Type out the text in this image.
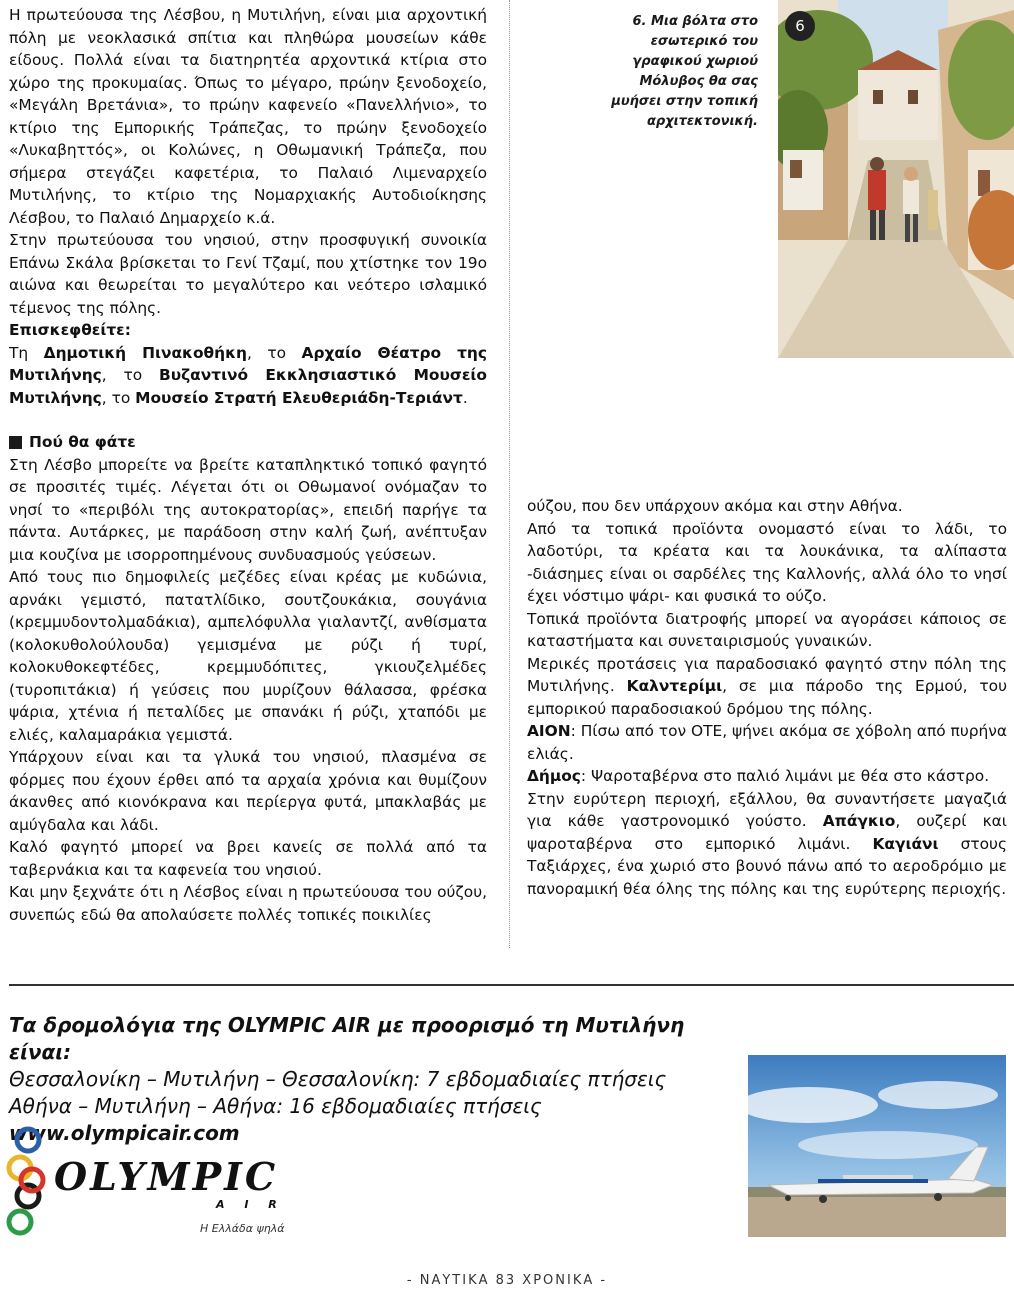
Η πρωτεύουσα της Λέσβου, η Μυτιλήνη, είναι μια αρχοντική πόλη με νεοκλασικά σπίτια και πληθώρα μουσείων κάθε είδους. Πολλά είναι τα διατηρητέα αρχοντικά κτίρια στο χώρο της προκυμαίας. Όπως το μέγαρο, πρώην ξενοδοχείο, «Μεγάλη Βρετάνια», το πρώην καφενείο «Πανελλήνιο», το κτίριο της Εμπορικής Τράπεζας, το πρώην ξενοδοχείο «Λυκαβηττός», οι Κολώνες, η Οθωμανική Τράπεζα, που σήμερα στεγάζει καφετέρια, το Παλαιό Λιμεναρχείο Μυτιλήνης, το κτίριο της Νομαρχιακής Αυτοδιοίκησης Λέσβου, το Παλαιό Δημαρχείο κ.ά.

Στην πρωτεύουσα του νησιού, στην προσφυγική συνοικία Επάνω Σκάλα βρίσκεται το Γενί Τζαμί, που χτίστηκε τον 19ο αιώνα και θεωρείται το μεγαλύτερο και νεότερο ισλαμικό τέμενος της πόλης.

Επισκεφθείτε:

Τη Δημοτική Πινακοθήκη, το Αρχαίο Θέατρο της Μυτιλήνης, το Βυζαντινό Εκκλησιαστικό Μουσείο Μυτιλήνης, το Μουσείο Στρατή Ελευθεριάδη-Τεριάντ.

Πού θα φάτε

Στη Λέσβο μπορείτε να βρείτε καταπληκτικό τοπικό φαγητό σε προσιτές τιμές. Λέγεται ότι οι Οθωμανοί ονόμαζαν το νησί το «περιβόλι της αυτοκρατορίας», επειδή παρήγε τα πάντα. Αυτάρκες, με παράδοση στην καλή ζωή, ανέπτυξαν μια κουζίνα με ισορροπημένους συνδυασμούς γεύσεων.

Από τους πιο δημοφιλείς μεζέδες είναι κρέας με κυδώνια, αρνάκι γεμιστό, πατατλίδικο, σουτζουκάκια, σουγάνια (κρεμμυδοντολμαδάκια), αμπελόφυλλα γιαλαντζί, ανθίσματα (κολοκυθολούλουδα) γεμισμένα με ρύζι ή τυρί, κολοκυθοκεφτέδες, κρεμμυδόπιτες, γκιουζελμέδες (τυροπιτάκια) ή γεύσεις που μυρίζουν θάλασσα, φρέσκα ψάρια, χτένια ή πεταλίδες με σπανάκι ή ρύζι, χταπόδι με ελιές, καλαμαράκια γεμιστά.

Υπάρχουν είναι και τα γλυκά του νησιού, πλασμένα σε φόρμες που έχουν έρθει από τα αρχαία χρόνια και θυμίζουν άκανθες από κιονόκρανα και περίεργα φυτά, μπακλαβάς με αμύγδαλα και λάδι.

Καλό φαγητό μπορεί να βρει κανείς σε πολλά από τα ταβερνάκια και τα καφενεία του νησιού.

Και μην ξεχνάτε ότι η Λέσβος είναι η πρωτεύουσα του ούζου, συνεπώς εδώ θα απολαύσετε πολλές τοπικές ποικιλίες

6. Μια βόλτα στο εσωτερικό του γραφικού χωριού Μόλυβος θα σας μυήσει στην τοπική αρχιτεκτονική.
6

ούζου, που δεν υπάρχουν ακόμα και στην Αθήνα.

Από τα τοπικά προϊόντα ονομαστό είναι το λάδι, το λαδοτύρι, τα κρέατα και τα λουκάνικα, τα αλίπαστα -διάσημες είναι οι σαρδέλες της Καλλονής, αλλά όλο το νησί έχει νόστιμο ψάρι- και φυσικά το ούζο.

Τοπικά προϊόντα διατροφής μπορεί να αγοράσει κάποιος σε καταστήματα και συνεταιρισμούς γυναικών.

Μερικές προτάσεις για παραδοσιακό φαγητό στην πόλη της Μυτιλήνης. Καλντερίμι, σε μια πάροδο της Ερμού, του εμπορικού παραδοσιακού δρόμου της πόλης.

ΑΙΟΝ: Πίσω από τον ΟΤΕ, ψήνει ακόμα σε χόβολη από πυρήνα ελιάς.

Δήμος: Ψαροταβέρνα στο παλιό λιμάνι με θέα στο κάστρο.

Στην ευρύτερη περιοχή, εξάλλου, θα συναντήσετε μαγαζιά για κάθε γαστρονομικό γούστο. Απάγκιο, ουζερί και ψαροταβέρνα στο εμπορικό λιμάνι. Καγιάνι στους Ταξιάρχες, ένα χωριό στο βουνό πάνω από το αεροδρόμιο με πανοραμική θέα όλης της πόλης και της ευρύτερης περιοχής.

Τα δρομολόγια της OLYMPIC AIR με προορισμό τη Μυτιλήνη είναι:
Θεσσαλονίκη – Μυτιλήνη – Θεσσαλονίκη: 7 εβδομαδιαίες πτήσεις
Αθήνα – Μυτιλήνη – Αθήνα: 16 εβδομαδιαίες πτήσεις
www.olympicair.com
OLYMPIC
A I R
Η Ελλάδα ψηλά
- ΝΑΥΤΙΚΑ 83 ΧΡΟΝΙΚΑ -
